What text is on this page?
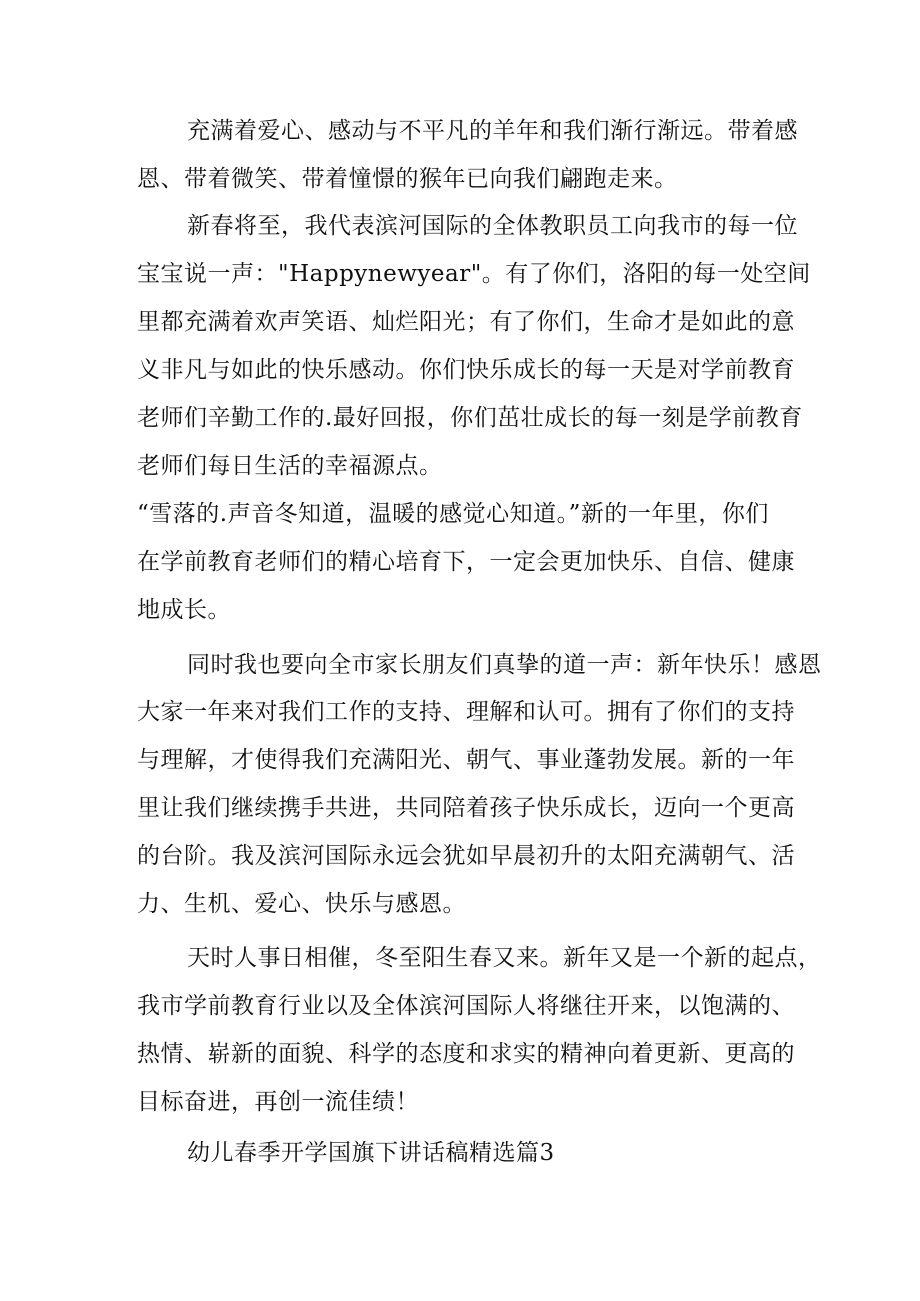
充满着爱心、感动与不平凡的羊年和我们渐行渐远。带着感
恩、带着微笑、带着憧憬的猴年已向我们翩跑走来。
新春将至，我代表滨河国际的全体教职员工向我市的每一位
宝宝说一声："Happynewyear"。有了你们，洛阳的每一处空间
里都充满着欢声笑语、灿烂阳光；有了你们，生命才是如此的意
义非凡与如此的快乐感动。你们快乐成长的每一天是对学前教育
老师们辛勤工作的.最好回报，你们茁壮成长的每一刻是学前教育
老师们每日生活的幸福源点。
“雪落的.声音冬知道，温暖的感觉心知道。”新的一年里，你们
在学前教育老师们的精心培育下，一定会更加快乐、自信、健康
地成长。
同时我也要向全市家长朋友们真挚的道一声：新年快乐！感恩
大家一年来对我们工作的支持、理解和认可。拥有了你们的支持
与理解，才使得我们充满阳光、朝气、事业蓬勃发展。新的一年
里让我们继续携手共进，共同陪着孩子快乐成长，迈向一个更高
的台阶。我及滨河国际永远会犹如早晨初升的太阳充满朝气、活
力、生机、爱心、快乐与感恩。
天时人事日相催，冬至阳生春又来。新年又是一个新的起点，
我市学前教育行业以及全体滨河国际人将继往开来，以饱满的、
热情、崭新的面貌、科学的态度和求实的精神向着更新、更高的
目标奋进，再创一流佳绩！
幼儿春季开学国旗下讲话稿精选篇3
